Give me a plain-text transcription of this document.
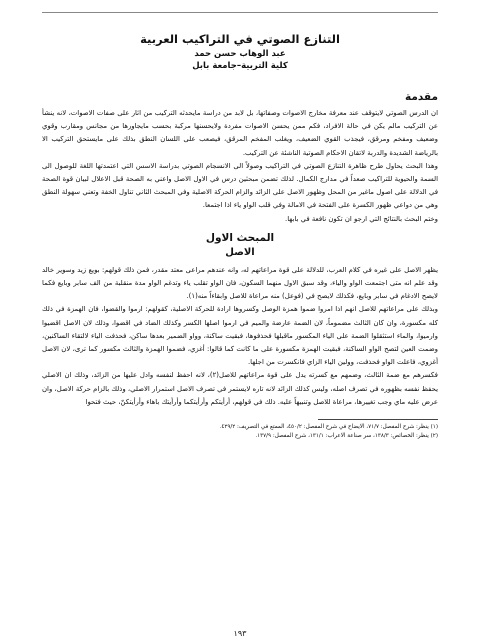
التنازع الصوتي في التراكيب العربية
عبد الوهاب حسن حمد
كلية التربية–جامعة بابل
مقدمة

ان الدرس الصوتي لايتوقف عند معرفة مخارج الاصوات وصفاتها، بل لابد من دراسة مايحدثه التركيب من اثار على صفات الاصوات، لانه ينشأ عن التركيب مالم يكن في حالة الافراد، فكم ممن يحسن الاصوات مفردة ولايحسنها مركبة بحسب مايجاورها من مجانس ومقارب وقوي وضعيف ومفخم ومرقق، فيجذب القوي الضعيف، ويغلب المفخم المرقق، فيصعب على اللسان النطق بذلك على مايستحق التركيب الا بالرياضة الشديدة والدربة لاتقان الاحكام الصوتية الناشئة عن التركيب.

وهذا البحث يحاول طرح ظاهرة التنازع الصوتي في التراكيب وصولاً الى الانسجام الصوتي بدراسة الاسس التي اعتمدتها اللغة للوصول الى السمة والحيوية للتراكيب صعداً في مدارج الكمال. لذلك تضمن مبحثين درس في الاول الاصل واعني به الصحة قبل الاعلال لبيان قوة الصحة في الدلالة على اصول ماغير من المحل وظهور الاصل على الزائد والزام الحركة الاصلية وفي المبحث الثاني تناول الخفة وتعني سهولة النطق وهي من دواعي ظهور الكسرة على الفتحة في الامالة وفي قلب الواو ياء اذا اجتمعا.

وختم البحث بالنتائج التي ارجو ان تكون نافعة في بابها.

المبحث الاول
الاصل

يظهر الاصل على غيره في كلام العرب، للدلالة على قوة مراعاتهم له، وانه عندهم مراعى معتد مقدر، فمن ذلك قولهم: بويع زيد وسوير خالد وقد علم انه متى اجتمعت الواو والياء، وقد سبق الاول منهما السكون، فان الواو تقلب ياء وتدغم الواو مدة منقلبة من الف سابر وبايع فكما لايصح الادغام في سابر وبايع، فكذلك لايصح في (فوعل) منه مراعاة للاصل وابقاءاً منه(١).

وبذلك على مراعاتهم للاصل انهم اذا امروا ضموا همزة الوصل وكسروها ارادة للحركة الاصلية، كقولهم: ارموا والقضوا، فان الهمزة في ذلك كله مكسورة، وان كان الثالث مضموماً، لان الضمة عارضة والميم في ارموا اصلها الكسر وكذلك الضاد في اقضوا، وذلك لان الاصل اقضيوا وارميوا، والماء استثقلوا الضمة على الياء المكسور ماقبلها فحذفوها، فبقيت ساكنة، وواو الضمير بعدها ساكن، فحذفت الياء لالتقاء الساكنين، وضمت العين لتصح الواو الساكنة، فبقيت الهمزة مكسورة على ما كانت كما قالوا: أغزي، فضموا الهمزة والثالث مكسور كما ترى، لان الاصل أغزوي، فاعلت الواو فحذفت، وولين الياء الزاي فانكسرت من اجلها.

فكسرهم مع ضمة الثالث، وضمهم مع كسرته يدل على قوة مراعاتهم للاصل(٢)، لانه احفظ لنفسه وادل عليها من الزائد، وذلك ان الاصلي يحفظ نفسه بظهوره في تصرف اصله، وليس كذلك الزائد لانه تاره لايستمر في تصرف الاصل استمرار الاصلي، وذلك بالزام حركة الاصل، وان عرض عليه ماي وجب تغييرها، مراعاة للاصل وتنبيهاً عليه. ذلك في قولهم، أرأيتكم وأرأيتكما وأرأيتك باهاء وأرأيتكنّ، حيث فتحوا

(١) ينظر: شرح المفصل: ٧١/٧، الايضاح في شرح المفصل: ٤٥٠/٢، الممتع في التصريف: ٤٢٩/٢.

(٢) ينظر: الخصائص: ١٣٨/٣، سر صناعة الاعراب: ١٣١/١، شرح المفصل: ١٣٧/٩.

١٩٣
